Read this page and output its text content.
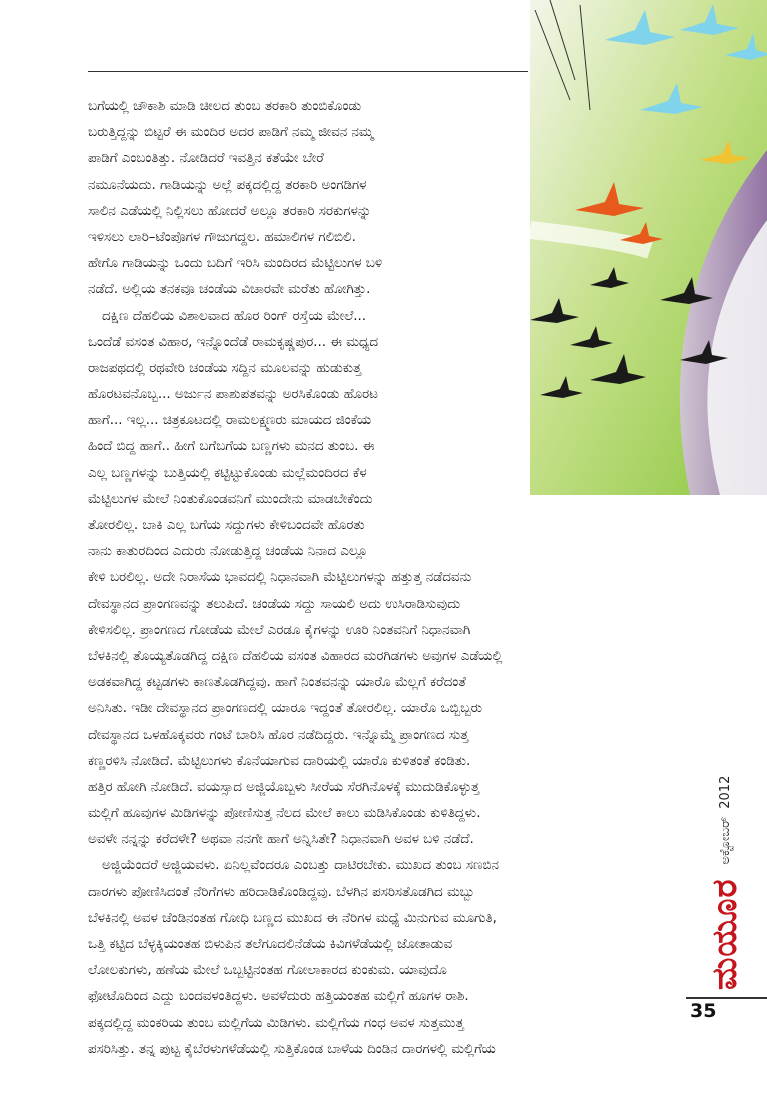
ಬಗೆಯಲ್ಲಿ ಚೌಕಾಶಿ ಮಾಡಿ ಚೀಲದ ತುಂಬ ತರಕಾರಿ ತುಂಬಿಕೊಂಡು
ಬರುತ್ತಿದ್ದನ್ನು ಬಿಟ್ಟರೆ ಈ ಮಂದಿರ ಅದರ ಪಾಡಿಗೆ ನಮ್ಮ ಜೀವನ ನಮ್ಮ
ಪಾಡಿಗೆ ಎಂಬಂತಿತ್ತು. ನೋಡಿದರೆ ಇವತ್ತಿನ ಕತೆಯೇ ಬೇರೆ
ನಮೂನೆಯದು. ಗಾಡಿಯನ್ನು ಅಲ್ಲೆ ಪಕ್ಕದಲ್ಲಿದ್ದ ತರಕಾರಿ ಅಂಗಡಿಗಳ
ಸಾಲಿನ ಎಡೆಯಲ್ಲಿ ನಿಲ್ಲಿಸಲು ಹೋದರೆ ಅಲ್ಲೂ ತರಕಾರಿ ಸರಕುಗಳನ್ನು
ಇಳಿಸಲು ಲಾರಿ–ಟೆಂಪೊಗಳ ಗೌಜುಗದ್ದಲ. ಹಮಾಲಿಗಳ ಗಲಿಬಿಲಿ.
ಹೇಗೊ ಗಾಡಿಯನ್ನು ಒಂದು ಬದಿಗೆ ಇರಿಸಿ ಮಂದಿರದ ಮೆಟ್ಟಿಲುಗಳ ಬಳಿ
ನಡೆದೆ. ಅಲ್ಲಿಯ ತನಕವೂ ಚಂಡೆಯ ವಿಚಾರವೇ ಮರೆತು ಹೋಗಿತ್ತು.
ದಕ್ಷಿಣ ದೆಹಲಿಯ ವಿಶಾಲವಾದ ಹೊರ ರಿಂಗ್ ರಸ್ತೆಯ ಮೇಲೆ...
ಒಂದೆಡೆ ವಸಂತ ವಿಹಾರ, ಇನ್ನೊಂದೆಡೆ ರಾಮಕೃಷ್ಣಪುರ... ಈ ಮಧ್ಯದ
ರಾಜಪಥದಲ್ಲಿ ರಥವೇರಿ ಚಂಡೆಯ ಸದ್ದಿನ ಮೂಲವನ್ನು ಹುಡುಕುತ್ತ
ಹೊರಟವನೊಬ್ಬ... ಅರ್ಜುನ ಪಾಶುಪತವನ್ನು ಅರಸಿಕೊಂಡು ಹೊರಟ
ಹಾಗೆ... ಇಲ್ಲ... ಚಿತ್ರಕೂಟದಲ್ಲಿ ರಾಮಲಕ್ಷ್ಮಣರು ಮಾಯದ ಜಿಂಕೆಯ
ಹಿಂದೆ ಬಿದ್ದ ಹಾಗೆ.. ಹೀಗೆ ಬಗೆಬಗೆಯ ಬಣ್ಣಗಳು ಮನದ ತುಂಬ. ಈ
ಎಲ್ಲ ಬಣ್ಣಗಳನ್ನು ಬುತ್ತಿಯಲ್ಲಿ ಕಟ್ಟಿಟ್ಟುಕೊಂಡು ಮಲ್ಲೆಮಂದಿರದ ಕೆಳ
ಮೆಟ್ಟಿಲುಗಳ ಮೇಲೆ ನಿಂತುಕೊಂಡವನಿಗೆ ಮುಂದೇನು ಮಾಡಬೇಕೆಂದು
ತೋರಲಿಲ್ಲ. ಬಾಕಿ ಎಲ್ಲ ಬಗೆಯ ಸದ್ದುಗಳು ಕೇಳಿಬಂದವೇ ಹೊರತು
ನಾನು ಕಾತುರದಿಂದ ಎದುರು ನೋಡುತ್ತಿದ್ದ ಚಂಡೆಯ ನಿನಾದ ಎಲ್ಲೂ
ಕೇಳಿ ಬರಲಿಲ್ಲ. ಅದೇ ನಿರಾಸೆಯ ಭಾವದಲ್ಲಿ ನಿಧಾನವಾಗಿ ಮೆಟ್ಟಿಲುಗಳನ್ನು ಹತ್ತುತ್ತ ನಡೆದವನು
ದೇವಸ್ಥಾನದ ಪ್ರಾಂಗಣವನ್ನು ತಲುಪಿದೆ. ಚಂಡೆಯ ಸದ್ದು ಸಾಯಲಿ ಅದು ಉಸಿರಾಡಿಸುವುದು
ಕೇಳಿಸಲಿಲ್ಲ. ಪ್ರಾಂಗಣದ ಗೋಡೆಯ ಮೇಲೆ ಎರಡೂ ಕೈಗಳನ್ನು ಊರಿ ನಿಂತವನಿಗೆ ನಿಧಾನವಾಗಿ
ಬೆಳಕಿನಲ್ಲಿ ತೊಯ್ಯತೊಡಗಿದ್ದ ದಕ್ಷಿಣ ದೆಹಲಿಯ ವಸಂತ ವಿಹಾರದ ಮರಗಿಡಗಳು ಅವುಗಳ ಎಡೆಯಲ್ಲಿ
ಅಡಕವಾಗಿದ್ದ ಕಟ್ಟಡಗಳು ಕಾಣತೊಡಗಿದ್ದವು. ಹಾಗೆ ನಿಂತವನನ್ನು ಯಾರೊ ಮೆಲ್ಲಗೆ ಕರೆದಂತೆ
ಅನಿಸಿತು. ಇಡೀ ದೇವಸ್ಥಾನದ ಪ್ರಾಂಗಣದಲ್ಲಿ ಯಾರೂ ಇದ್ದಂತೆ ತೋರಲಿಲ್ಲ. ಯಾರೊ ಒಬ್ಬಿಬ್ಬರು
ದೇವಸ್ಥಾನದ ಒಳಹೊಕ್ಕವರು ಗಂಟೆ ಬಾರಿಸಿ ಹೊರ ನಡೆದಿದ್ದರು. ಇನ್ನೊಮ್ಮೆ ಪ್ರಾಂಗಣದ ಸುತ್ತ
ಕಣ್ಣರಳಿಸಿ ನೋಡಿದೆ. ಮೆಟ್ಟಿಲುಗಳು ಕೊನೆಯಾಗುವ ದಾರಿಯಲ್ಲಿ ಯಾರೊ ಕುಳಿತಂತೆ ಕಂಡಿತು.
ಹತ್ತಿರ ಹೋಗಿ ನೋಡಿದೆ. ವಯಸ್ಸಾದ ಅಜ್ಜಿಯೊಬ್ಬಳು ಸೀರೆಯ ಸೆರಗಿನೊಳಕ್ಕೆ ಮುದುಡಿಕೊಳ್ಳುತ್ತ
ಮಲ್ಲಿಗೆ ಹೂವುಗಳ ಮಿಡಿಗಳನ್ನು ಪೋಣಿಸುತ್ತ ನೆಲದ ಮೇಲೆ ಕಾಲು ಮಡಿಸಿಕೊಂಡು ಕುಳಿತಿದ್ದಳು.
ಅವಳೇ ನನ್ನನ್ನು ಕರೆದಳೇ? ಅಥವಾ ನನಗೇ ಹಾಗೆ ಅನ್ನಿಸಿತೇ? ನಿಧಾನವಾಗಿ ಅವಳ ಬಳಿ ನಡೆದೆ.
ಅಜ್ಜಿಯೆಂದರೆ ಅಜ್ಜಿಯವಳು. ಏನಿಲ್ಲವೆಂದರೂ ಎಂಬತ್ತು ದಾಟಿರಬೇಕು. ಮುಖದ ತುಂಬ ಸಣಬಿನ
ದಾರಗಳು ಪೋಣಿಸಿದಂತೆ ನೆರಿಗೆಗಳು ಹರಿದಾಡಿಕೊಂಡಿದ್ದವು. ಬೆಳಗಿನ ಪಸರಿಸತೊಡಗಿದ ಮಬ್ಬು
ಬೆಳಕಿನಲ್ಲಿ ಅವಳ ಚೆಂಡಿನಂತಹ ಗೋಧಿ ಬಣ್ಣದ ಮುಖದ ಈ ನೆರಿಗಳ ಮಧ್ಯೆ ಮಿನುಗುವ ಮೂಗುತಿ,
ಒತ್ತಿ ಕಟ್ಟಿದ ಬೆಳ್ಳಕ್ಕಿಯಂತಹ ಬಿಳುಪಿನ ತಲೆಗೂದಲಿನೆಡೆಯ ಕಿವಿಗಳೆಡೆಯಲ್ಲಿ ಜೋತಾಡುವ
ಲೋಲಕುಗಳು, ಹಣೆಯ ಮೇಲೆ ಒಬ್ಬಟ್ಟಿನಂತಹ ಗೋಲಾಕಾರದ ಕುಂಕುಮ. ಯಾವುದೊ
ಫೋಟೊದಿಂದ ಎದ್ದು ಬಂದವಳಂತಿದ್ದಳು. ಅವಳೆದುರು ಹತ್ತಿಯಂತಹ ಮಲ್ಲಿಗೆ ಹೂಗಳ ರಾಶಿ.
ಪಕ್ಕದಲ್ಲಿದ್ದ ಮಂಕರಿಯ ತುಂಬ ಮಲ್ಲಿಗೆಯ ಮಿಡಿಗಳು. ಮಲ್ಲಿಗೆಯ ಗಂಧ ಅವಳ ಸುತ್ತಮುತ್ತ
ಪಸರಿಸಿತ್ತು. ತನ್ನ ಪುಟ್ಟ ಕೈಬೆರಳುಗಳೆಡೆಯಲ್ಲಿ ಸುತ್ತಿಕೊಂಡ ಬಾಳೆಯ ದಿಂಡಿನ ದಾರಗಳಲ್ಲಿ ಮಲ್ಲಿಗೆಯ
ಮಯೂರ
ಅಕ್ಟೋಬರ್
2012
35
